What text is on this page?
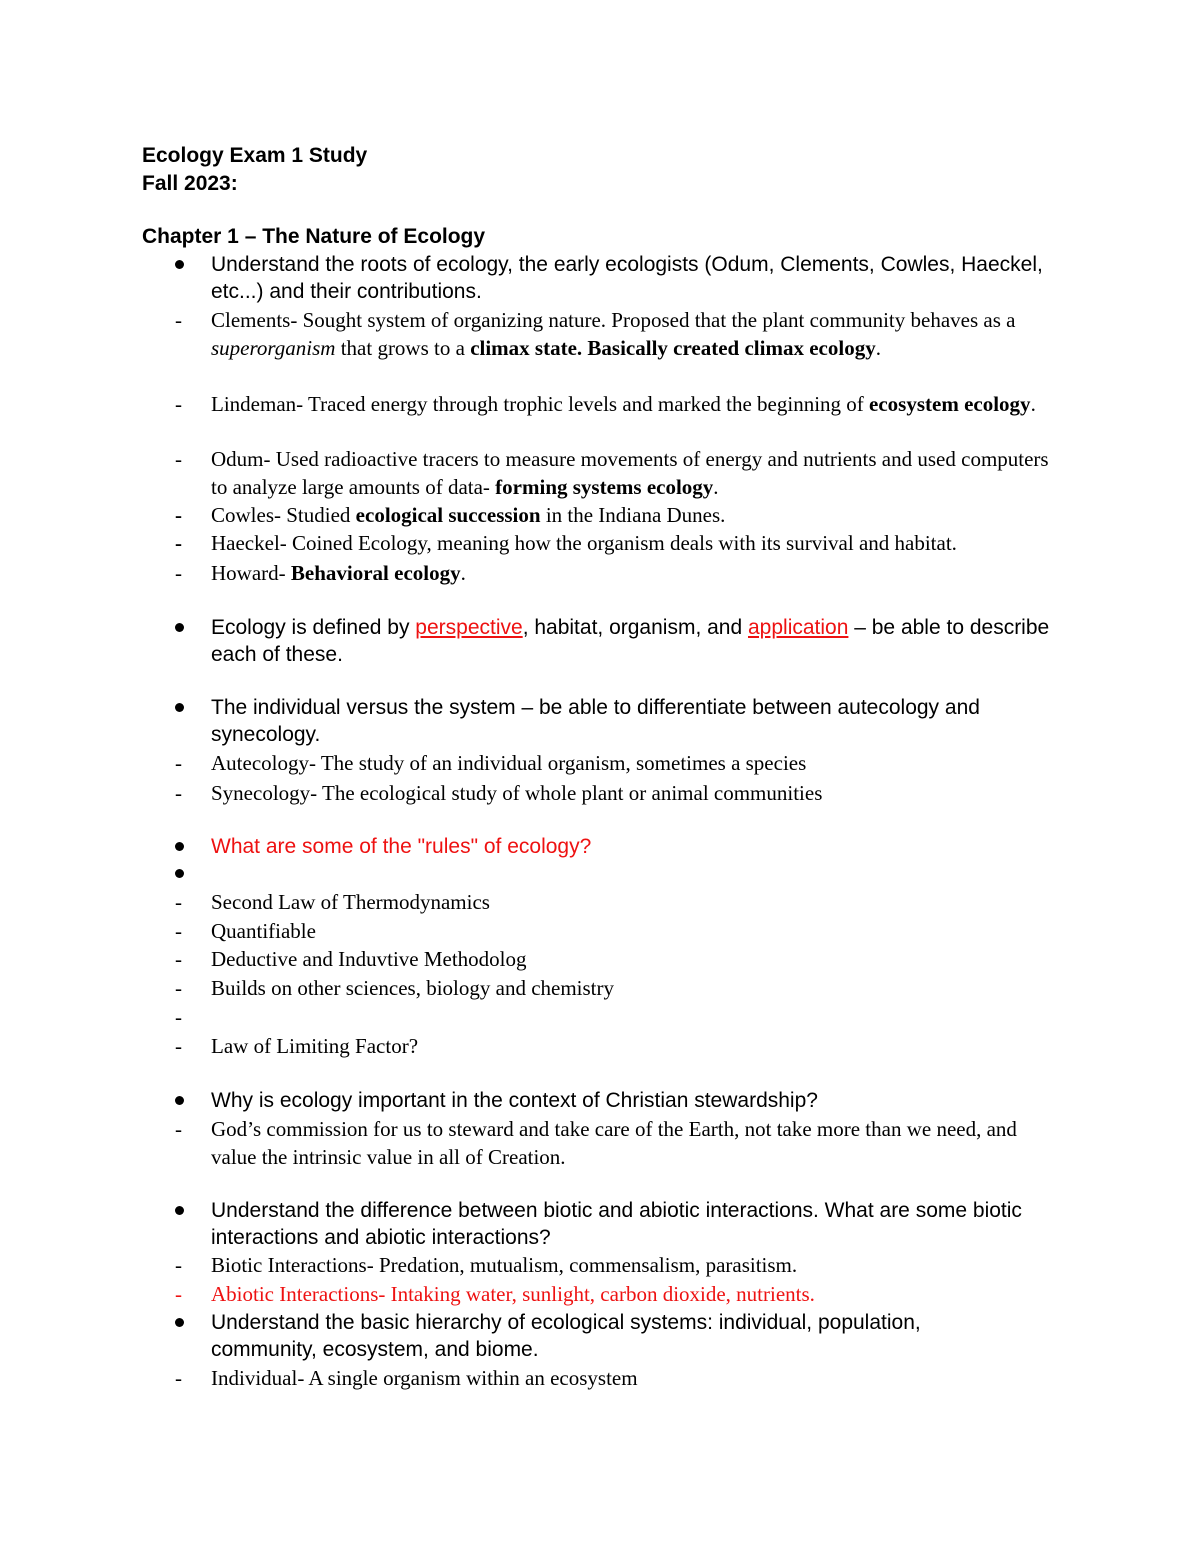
Ecology Exam 1 Study
Fall 2023:
Chapter 1 – The Nature of Ecology
Understand the roots of ecology, the early ecologists (Odum, Clements, Cowles, Haeckel, etc...) and their contributions.
- Clements- Sought system of organizing nature. Proposed that the plant community behaves as a superorganism that grows to a climax state. Basically created climax ecology.
- Lindeman- Traced energy through trophic levels and marked the beginning of ecosystem ecology.
- Odum- Used radioactive tracers to measure movements of energy and nutrients and used computers to analyze large amounts of data- forming systems ecology.
- Cowles- Studied ecological succession in the Indiana Dunes.
- Haeckel- Coined Ecology, meaning how the organism deals with its survival and habitat.
- Howard- Behavioral ecology.
Ecology is defined by perspective, habitat, organism, and application – be able to describe each of these.
The individual versus the system – be able to differentiate between autecology and synecology.
- Autecology- The study of an individual organism, sometimes a species
- Synecology- The ecological study of whole plant or animal communities
What are some of the "rules" of ecology?
- Second Law of Thermodynamics
- Quantifiable
- Deductive and Induvtive Methodolog
- Builds on other sciences, biology and chemistry
-
- Law of Limiting Factor?
Why is ecology important in the context of Christian stewardship?
- God’s commission for us to steward and take care of the Earth, not take more than we need, and value the intrinsic value in all of Creation.
Understand the difference between biotic and abiotic interactions. What are some biotic interactions and abiotic interactions?
- Biotic Interactions- Predation, mutualism, commensalism, parasitism.
- Abiotic Interactions- Intaking water, sunlight, carbon dioxide, nutrients.
Understand the basic hierarchy of ecological systems: individual, population, community, ecosystem, and biome.
- Individual- A single organism within an ecosystem
